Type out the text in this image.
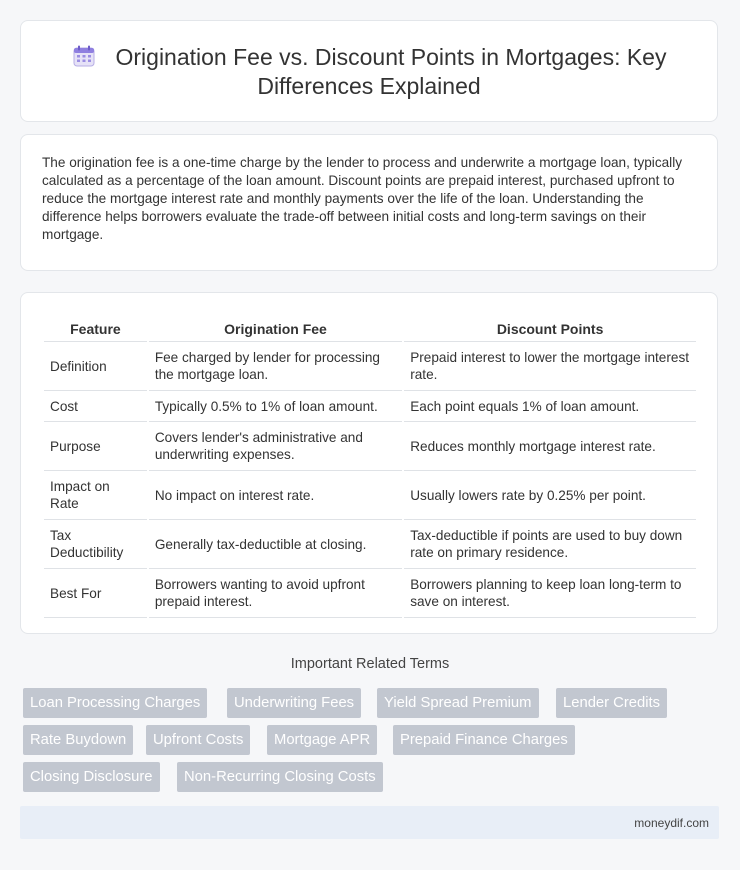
Origination Fee vs. Discount Points in Mortgages: Key
Differences Explained

The origination fee is a one-time charge by the lender to process and underwrite a mortgage loan, typically calculated as a percentage of the loan amount. Discount points are prepaid interest, purchased upfront to reduce the mortgage interest rate and monthly payments over the life of the loan. Understanding the difference helps borrowers evaluate the trade-off between initial costs and long-term savings on their mortgage.

Feature	Origination Fee	Discount Points
Definition	Fee charged by lender for processing the mortgage loan.	Prepaid interest to lower the mortgage interest rate.
Cost	Typically 0.5% to 1% of loan amount.	Each point equals 1% of loan amount.
Purpose	Covers lender's administrative and underwriting expenses.	Reduces monthly mortgage interest rate.
Impact on Rate	No impact on interest rate.	Usually lowers rate by 0.25% per point.
Tax Deductibility	Generally tax-deductible at closing.	Tax-deductible if points are used to buy down rate on primary residence.
Best For	Borrowers wanting to avoid upfront prepaid interest.	Borrowers planning to keep loan long-term to save on interest.
Important Related Terms
Loan Processing Charges	Underwriting Fees	Yield Spread Premium	Lender Credits
Rate Buydown	Upfront Costs	Mortgage APR	Prepaid Finance Charges
Closing Disclosure	Non-Recurring Closing Costs
moneydif.com
